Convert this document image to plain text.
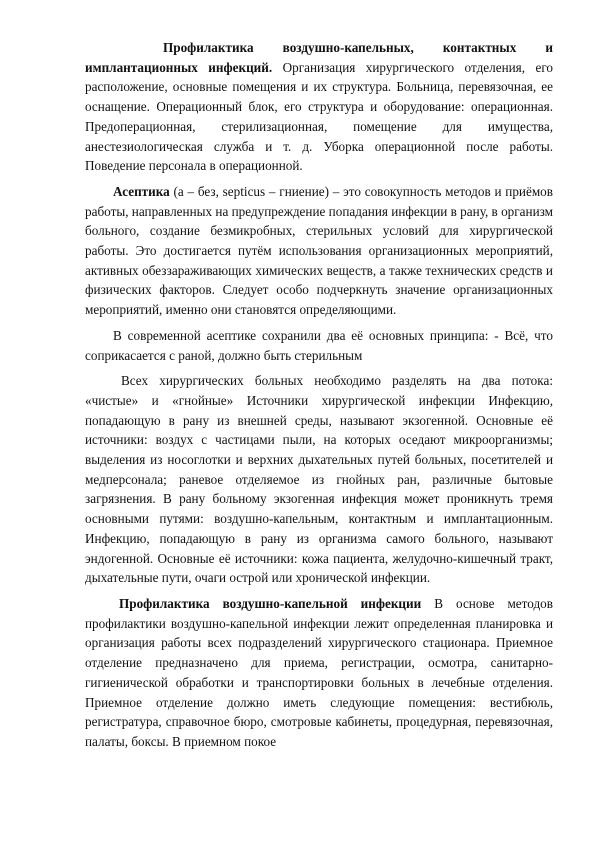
Профилактика воздушно-капельных, контактных и имплантационных инфекций. Организация хирургического отделения, его расположение, основные помещения и их структура. Больница, перевязочная, ее оснащение. Операционный блок, его структура и оборудование: операционная. Предоперационная, стерилизационная, помещение для имущества, анестезиологическая служба и т. д. Уборка операционной после работы. Поведение персонала в операционной.

Асептика (а – без, septicus – гниение) – это совокупность методов и приёмов работы, направленных на предупреждение попадания инфекции в рану, в организм больного, создание безмикробных, стерильных условий для хирургической работы. Это достигается путём использования организационных мероприятий, активных обеззараживающих химических веществ, а также технических средств и физических факторов. Следует особо подчеркнуть значение организационных мероприятий, именно они становятся определяющими.

В современной асептике сохранили два её основных принципа: - Всё, что соприкасается с раной, должно быть стерильным

Всех хирургических больных необходимо разделять на два потока: «чистые» и «гнойные» Источники хирургической инфекции Инфекцию, попадающую в рану из внешней среды, называют экзогенной. Основные её источники: воздух с частицами пыли, на которых оседают микроорганизмы; выделения из носоглотки и верхних дыхательных путей больных, посетителей и медперсонала; раневое отделяемое из гнойных ран, различные бытовые загрязнения. В рану больному экзогенная инфекция может проникнуть тремя основными путями: воздушно-капельным, контактным и имплантационным. Инфекцию, попадающую в рану из организма самого больного, называют эндогенной. Основные её источники: кожа пациента, желудочно-кишечный тракт, дыхательные пути, очаги острой или хронической инфекции.

Профилактика воздушно-капельной инфекции В основе методов профилактики воздушно-капельной инфекции лежит определенная планировка и организация работы всех подразделений хирургического стационара. Приемное отделение предназначено для приема, регистрации, осмотра, санитарно-гигиенической обработки и транспортировки больных в лечебные отделения. Приемное отделение должно иметь следующие помещения: вестибюль, регистратура, справочное бюро, смотровые кабинеты, процедурная, перевязочная, палаты, боксы. В приемном покое
